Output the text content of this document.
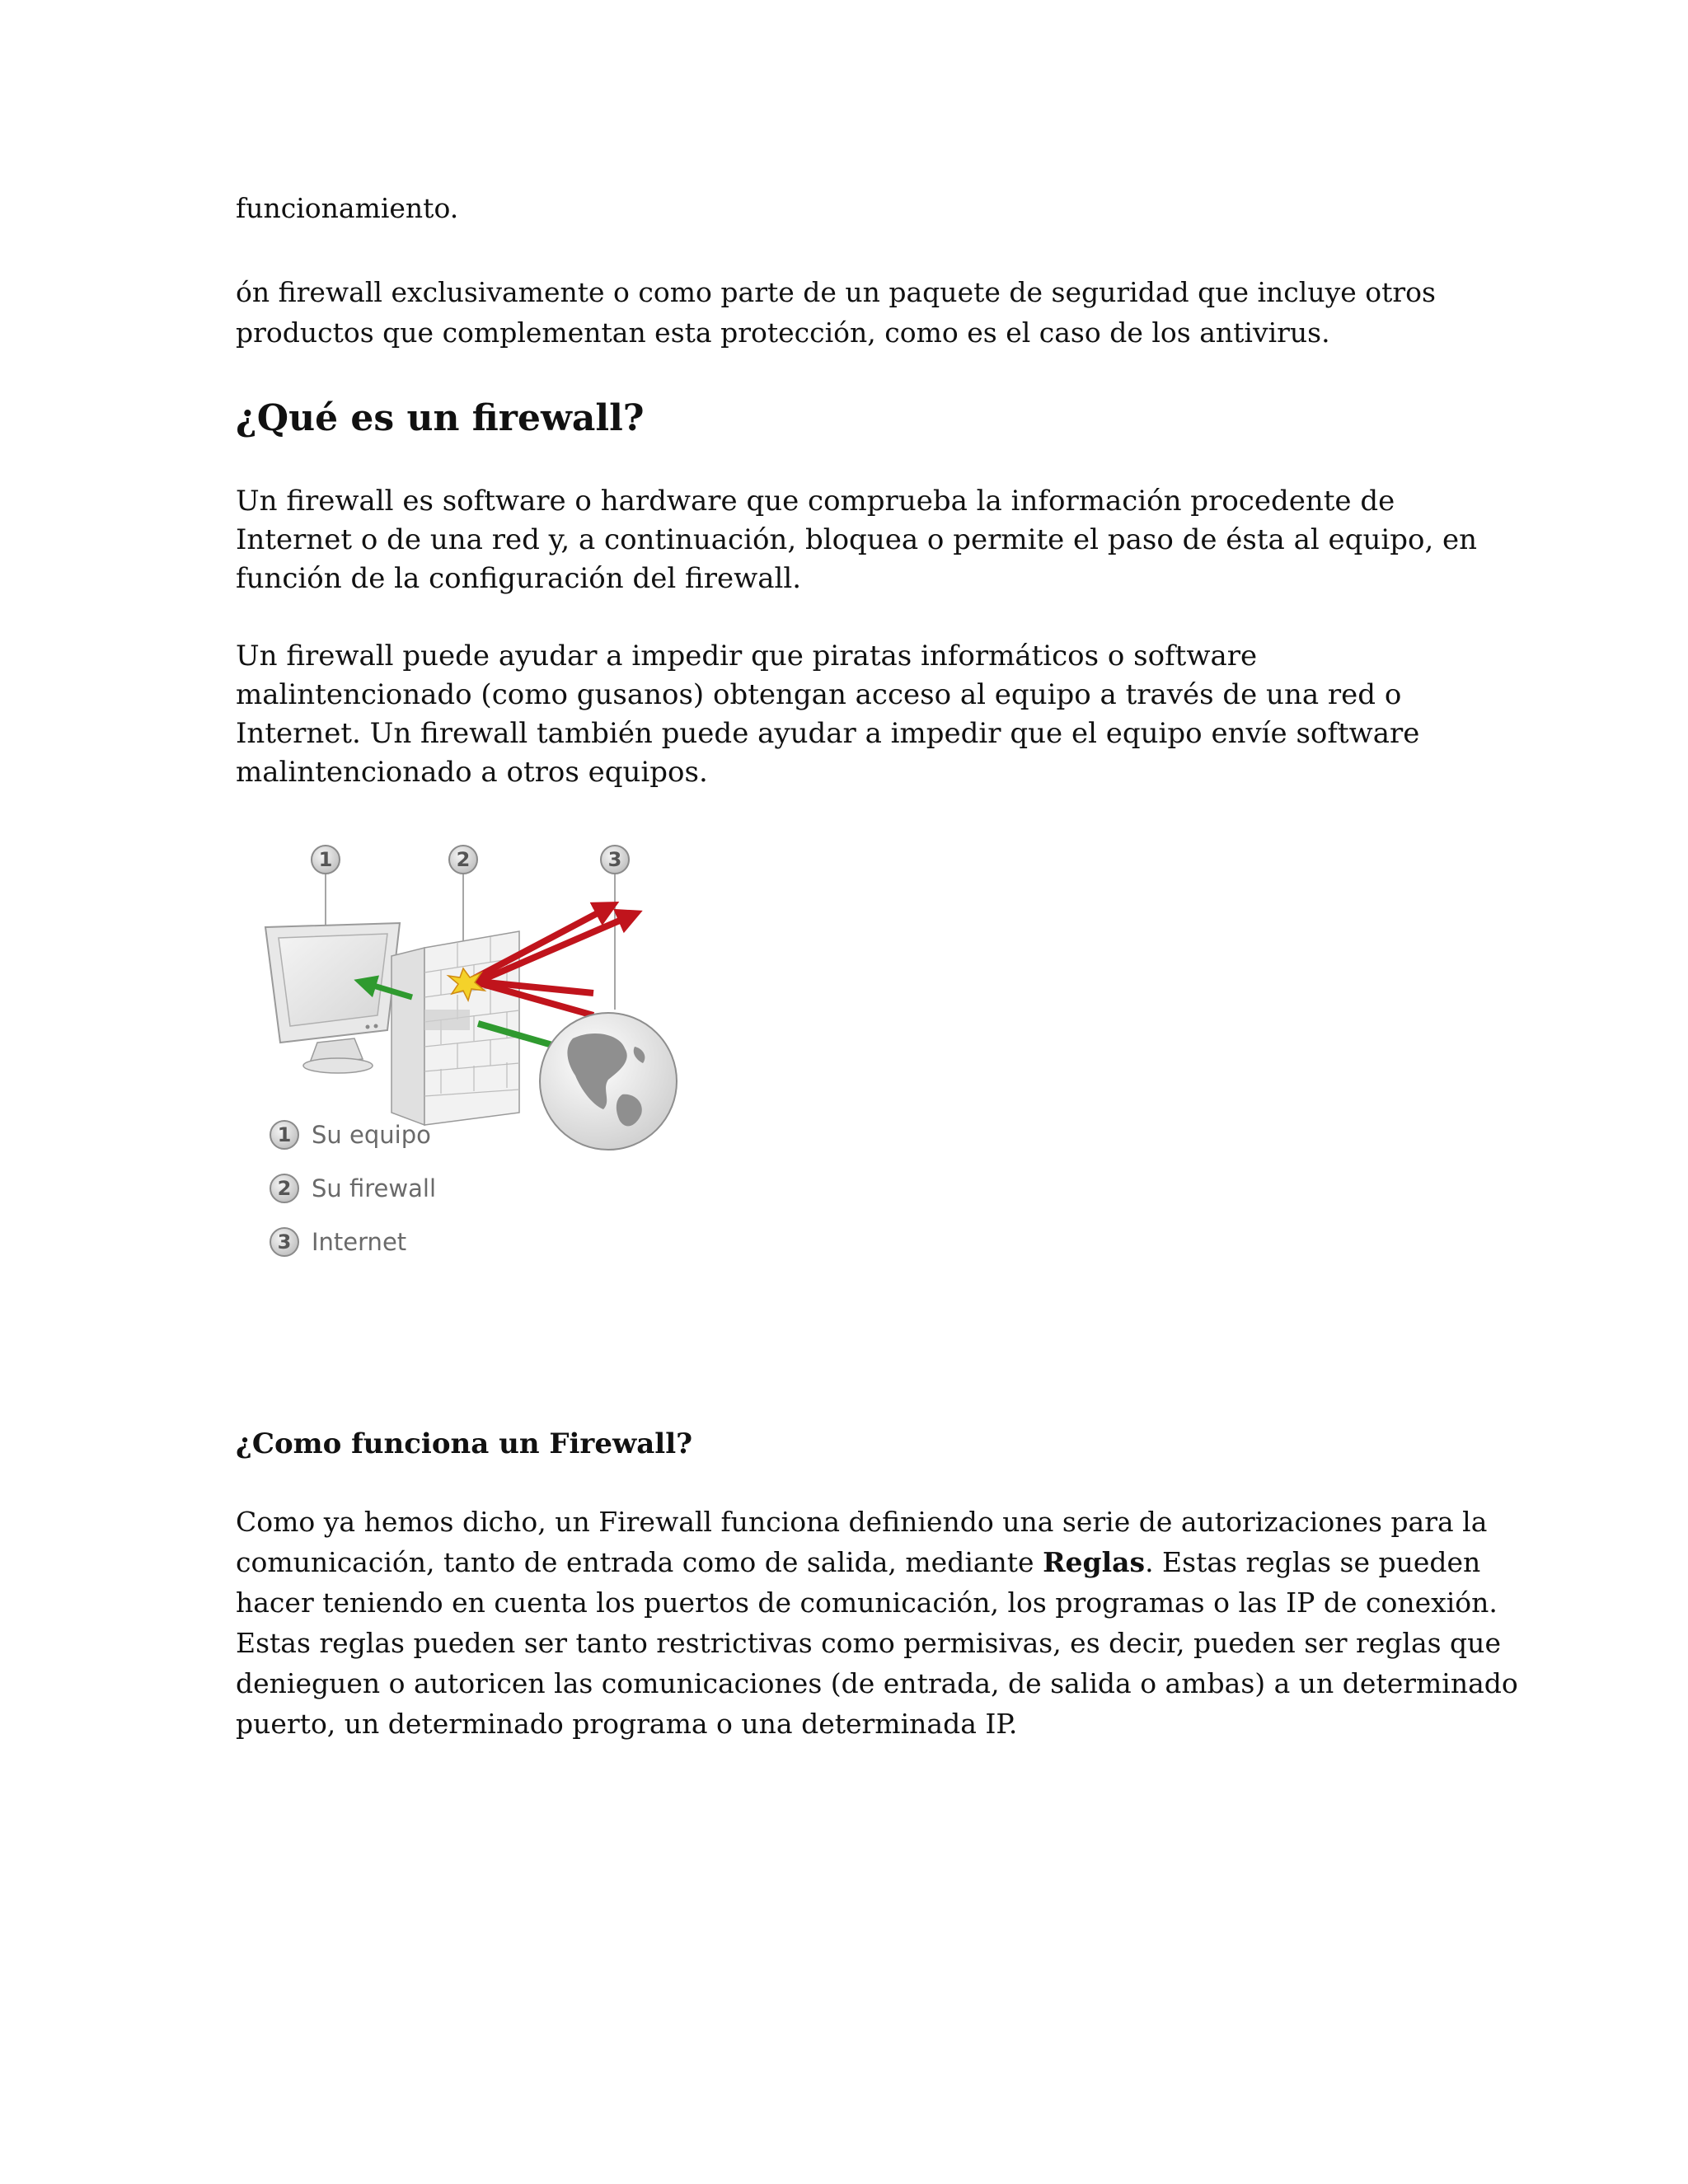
funcionamiento.

ón firewall exclusivamente o como parte de un paquete de seguridad que incluye otros

productos que complementan esta protección, como es el caso de los antivirus.

¿Qué es un firewall?

Un firewall es software o hardware que comprueba la información procedente de

Internet o de una red y, a continuación, bloquea o permite el paso de ésta al equipo, en

función de la configuración del firewall.

Un firewall puede ayudar a impedir que piratas informáticos o software

malintencionado (como gusanos) obtengan acceso al equipo a través de una red o

Internet. Un firewall también puede ayudar a impedir que el equipo envíe software

malintencionado a otros equipos.

1	2	3
1 Su equipo
2 Su firewall
3 Internet
¿Como funciona un Firewall?

Como ya hemos dicho, un Firewall funciona definiendo una serie de autorizaciones para la

comunicación, tanto de entrada como de salida, mediante Reglas. Estas reglas se pueden

hacer teniendo en cuenta los puertos de comunicación, los programas o las IP de conexión.

Estas reglas pueden ser tanto restrictivas como permisivas, es decir, pueden ser reglas que

denieguen o autoricen las comunicaciones (de entrada, de salida o ambas) a un determinado

puerto, un determinado programa o una determinada IP.
